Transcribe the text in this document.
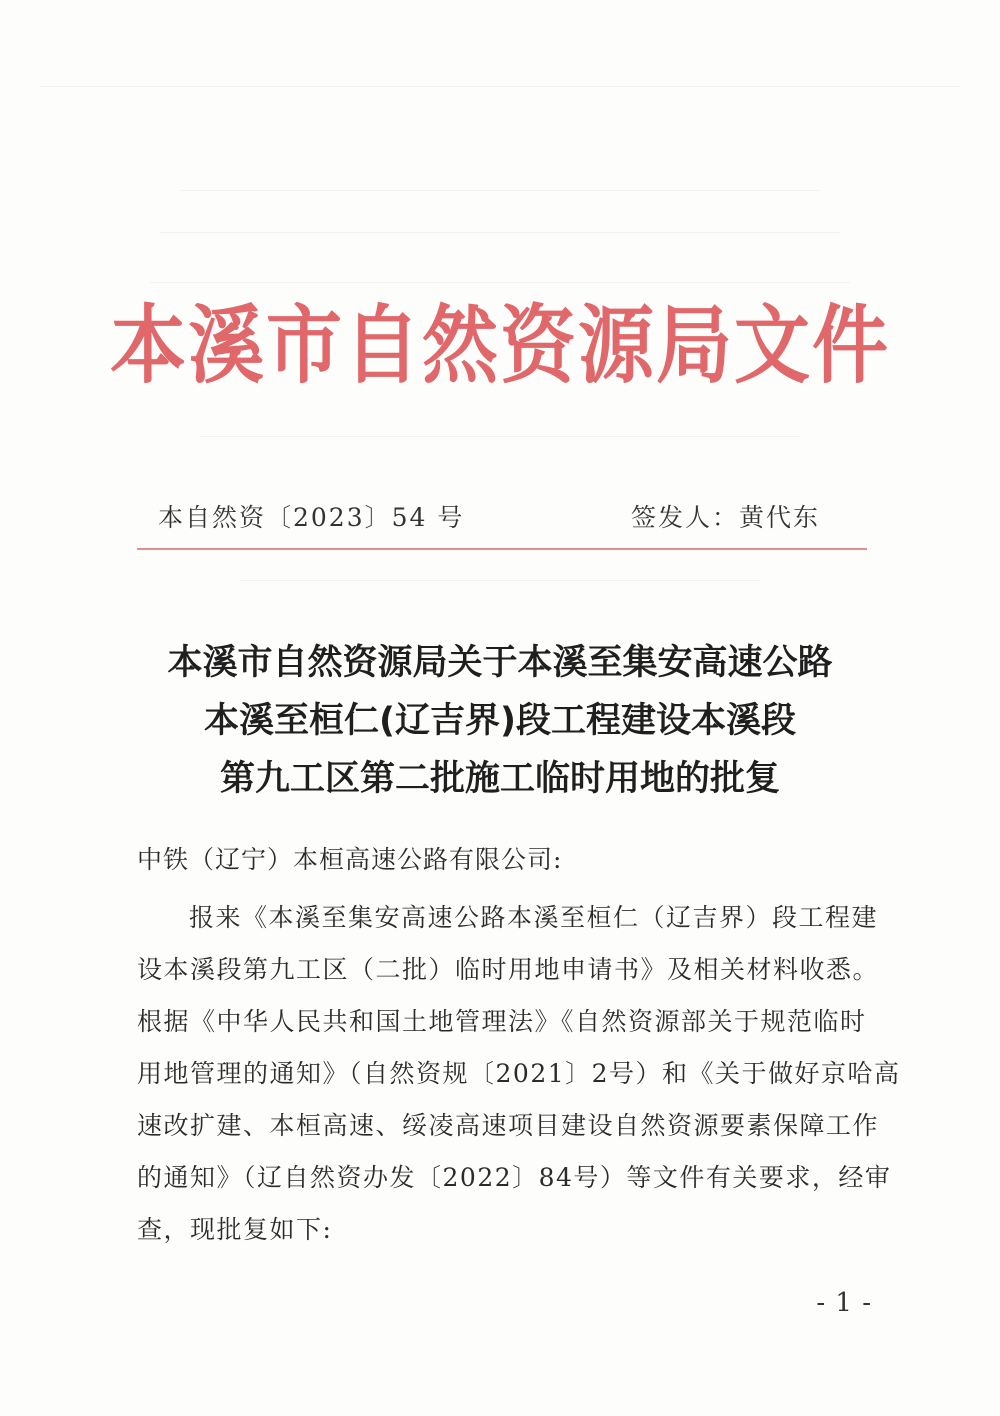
本溪市自然资源局文件
本自然资〔2023〕54 号	签发人：黄代东
本溪市自然资源局关于本溪至集安高速公路
本溪至桓仁(辽吉界)段工程建设本溪段
第九工区第二批施工临时用地的批复
中铁（辽宁）本桓高速公路有限公司:
报来《本溪至集安高速公路本溪至桓仁（辽吉界）段工程建
设本溪段第九工区（二批）临时用地申请书》及相关材料收悉。
根据《中华人民共和国土地管理法》《自然资源部关于规范临时
用地管理的通知》（自然资规〔2021〕2号）和《关于做好京哈高
速改扩建、本桓高速、绥凌高速项目建设自然资源要素保障工作
的通知》（辽自然资办发〔2022〕84号）等文件有关要求，经审
查，现批复如下:
- 1 -
